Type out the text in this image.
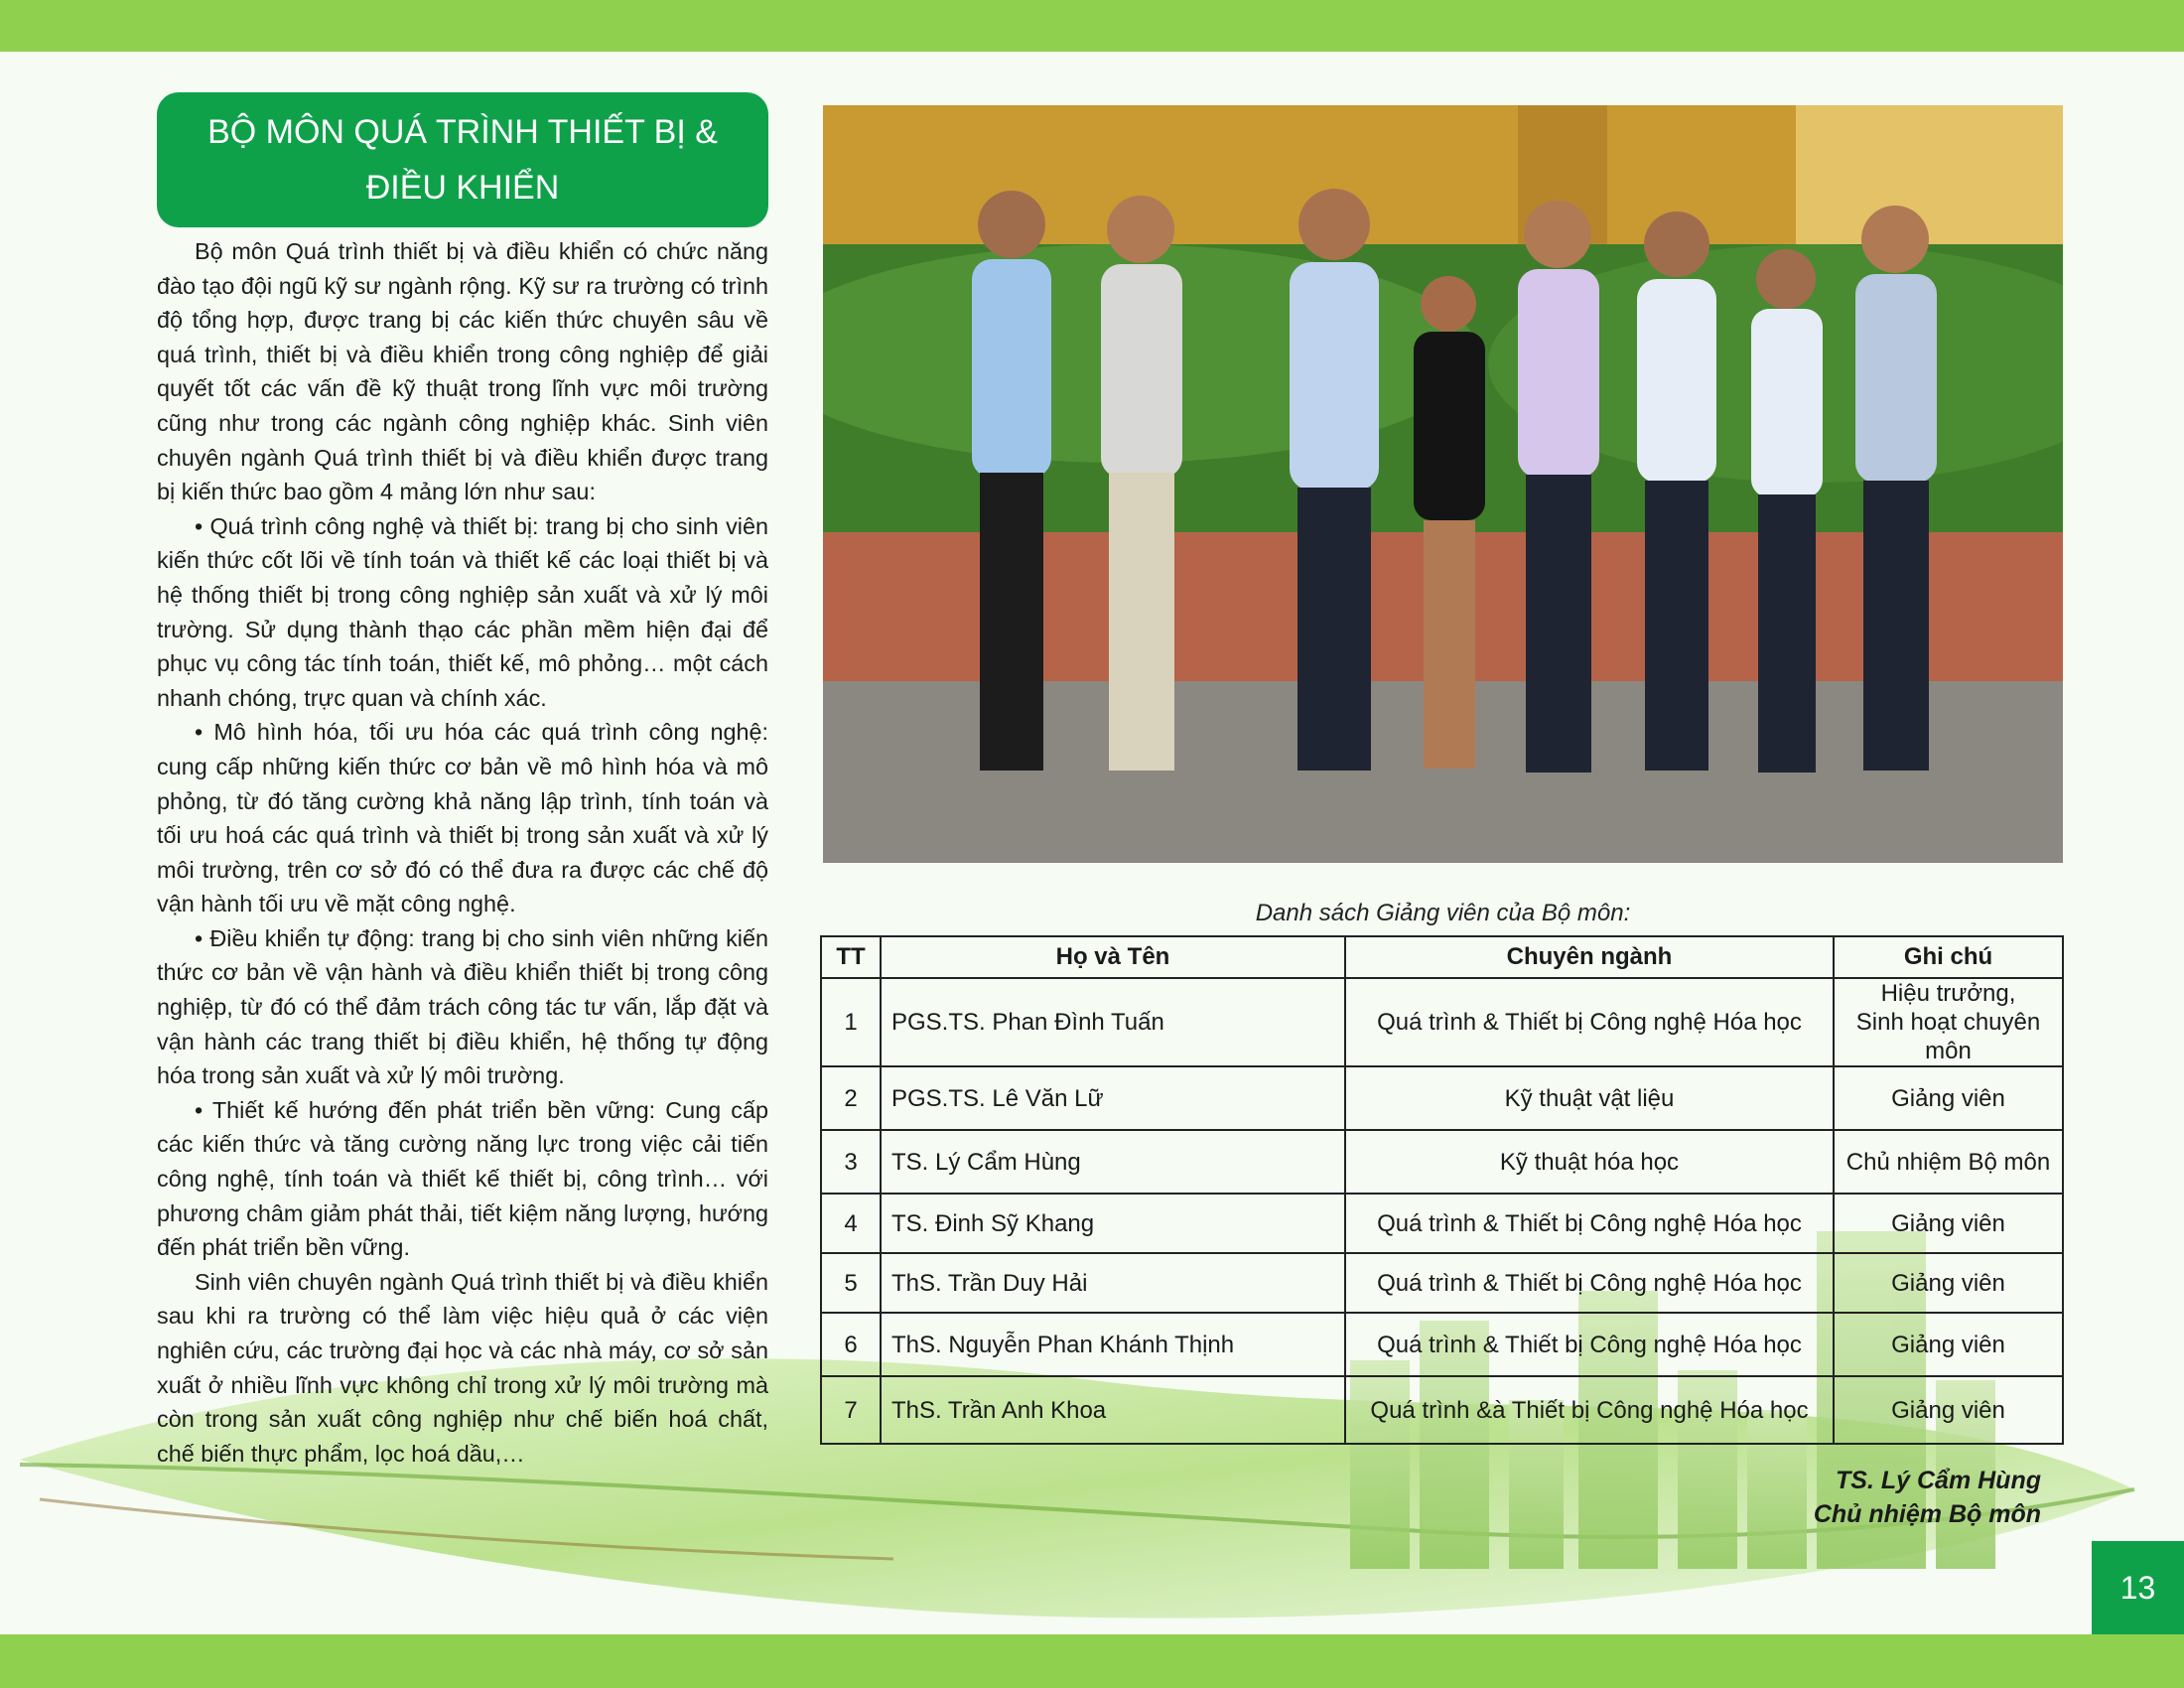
BỘ MÔN QUÁ TRÌNH THIẾT BỊ &
ĐIỀU KHIỂN

Bộ môn Quá trình thiết bị và điều khiển có chức năng đào tạo đội ngũ kỹ sư ngành rộng. Kỹ sư ra trường có trình độ tổng hợp, được trang bị các kiến thức chuyên sâu về quá trình, thiết bị và điều khiển trong công nghiệp để giải quyết tốt các vấn đề kỹ thuật trong lĩnh vực môi trường cũng như trong các ngành công nghiệp khác. Sinh viên chuyên ngành Quá trình thiết bị và điều khiển được trang bị kiến thức bao gồm 4 mảng lớn như sau:

• Quá trình công nghệ và thiết bị: trang bị cho sinh viên kiến thức cốt lõi về tính toán và thiết kế các loại thiết bị và hệ thống thiết bị trong công nghiệp sản xuất và xử lý môi trường. Sử dụng thành thạo các phần mềm hiện đại để phục vụ công tác tính toán, thiết kế, mô phỏng… một cách nhanh chóng, trực quan và chính xác.

• Mô hình hóa, tối ưu hóa các quá trình công nghệ: cung cấp những kiến thức cơ bản về mô hình hóa và mô phỏng, từ đó tăng cường khả năng lập trình, tính toán và tối ưu hoá các quá trình và thiết bị trong sản xuất và xử lý môi trường, trên cơ sở đó có thể đưa ra được các chế độ vận hành tối ưu về mặt công nghệ.

• Điều khiển tự động: trang bị cho sinh viên những kiến thức cơ bản về vận hành và điều khiển thiết bị trong công nghiệp, từ đó có thể đảm trách công tác tư vấn, lắp đặt và vận hành các trang thiết bị điều khiển, hệ thống tự động hóa trong sản xuất và xử lý môi trường.

• Thiết kế hướng đến phát triển bền vững: Cung cấp các kiến thức và tăng cường năng lực trong việc cải tiến công nghệ, tính toán và thiết kế thiết bị, công trình… với phương châm giảm phát thải, tiết kiệm năng lượng, hướng đến phát triển bền vững.

Sinh viên chuyên ngành Quá trình thiết bị và điều khiển sau khi ra trường có thể làm việc hiệu quả ở các viện nghiên cứu, các trường đại học và các nhà máy, cơ sở sản xuất ở nhiều lĩnh vực không chỉ trong xử lý môi trường mà còn trong sản xuất công nghiệp như chế biến hoá chất, chế biến thực phẩm, lọc hoá dầu,…

Danh sách Giảng viên của Bộ môn:
TT	Họ và Tên	Chuyên ngành	Ghi chú
1	PGS.TS. Phan Đình Tuấn	Quá trình & Thiết bị Công nghệ Hóa học	Hiệu trưởng,
Sinh hoạt chuyên môn

2	PGS.TS. Lê Văn Lữ	Kỹ thuật vật liệu	Giảng viên
3	TS. Lý Cẩm Hùng	Kỹ thuật hóa học	Chủ nhiệm Bộ môn
4	TS. Đinh Sỹ Khang	Quá trình & Thiết bị Công nghệ Hóa học	Giảng viên
5	ThS. Trần Duy Hải	Quá trình & Thiết bị Công nghệ Hóa học	Giảng viên
6	ThS. Nguyễn Phan Khánh Thịnh	Quá trình & Thiết bị Công nghệ Hóa học	Giảng viên
7	ThS. Trần Anh Khoa	Quá trình &à Thiết bị Công nghệ Hóa học	Giảng viên
TS. Lý Cẩm Hùng
Chủ nhiệm Bộ môn
13
